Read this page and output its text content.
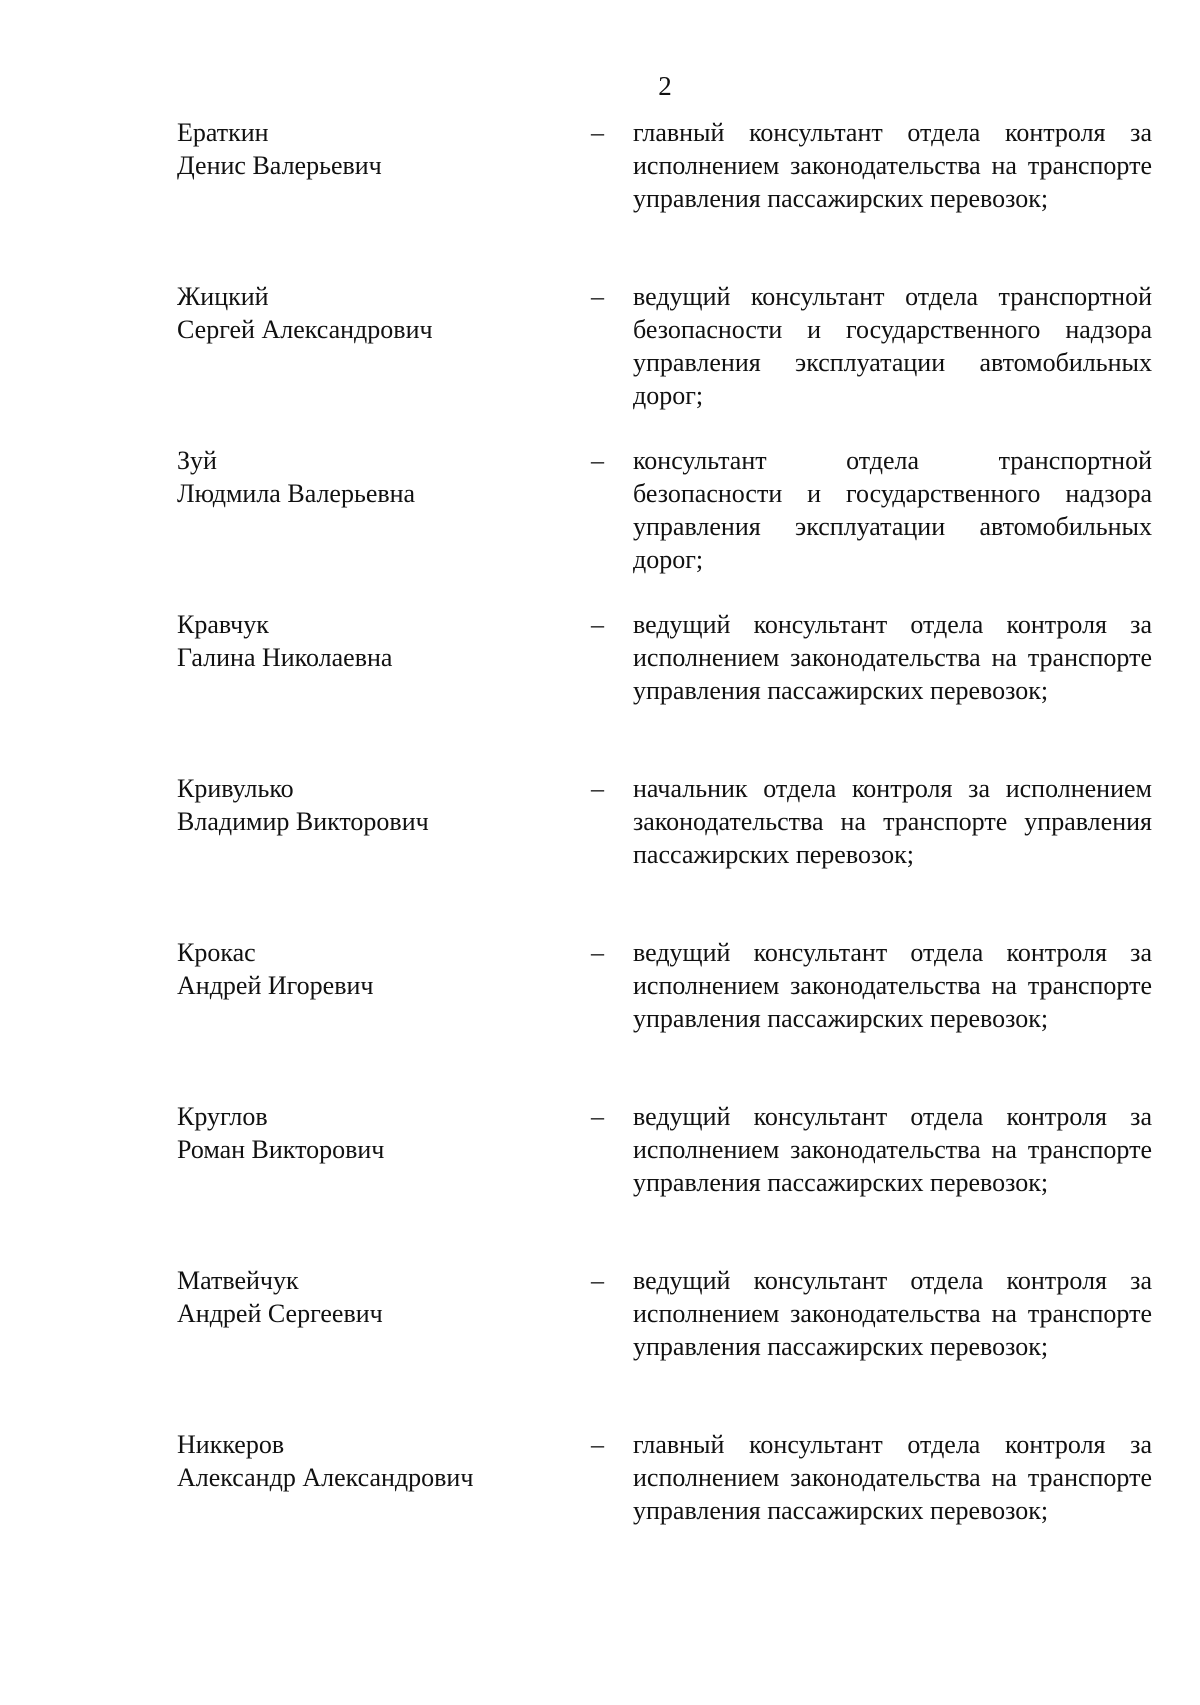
2
Ераткин
Денис Валерьевич
– главный консультант отдела контроля за исполнением законодательства на транспорте управления пассажирских перевозок;
Жицкий
Сергей Александрович
– ведущий консультант отдела транспортной безопасности и государственного надзора управления эксплуатации автомобильных дорог;
Зуй
Людмила Валерьевна
– консультант отдела транспортной безопасности и государственного надзора управления эксплуатации автомобильных дорог;
Кравчук
Галина Николаевна
– ведущий консультант отдела контроля за исполнением законодательства на транспорте управления пассажирских перевозок;
Кривулько
Владимир Викторович
– начальник отдела контроля за исполнением законодательства на транспорте управления пассажирских перевозок;
Крокас
Андрей Игоревич
– ведущий консультант отдела контроля за исполнением законодательства на транспорте управления пассажирских перевозок;
Круглов
Роман Викторович
– ведущий консультант отдела контроля за исполнением законодательства на транспорте управления пассажирских перевозок;
Матвейчук
Андрей Сергеевич
– ведущий консультант отдела контроля за исполнением законодательства на транспорте управления пассажирских перевозок;
Никкеров
Александр Александрович
– главный консультант отдела контроля за исполнением законодательства на транспорте управления пассажирских перевозок;
